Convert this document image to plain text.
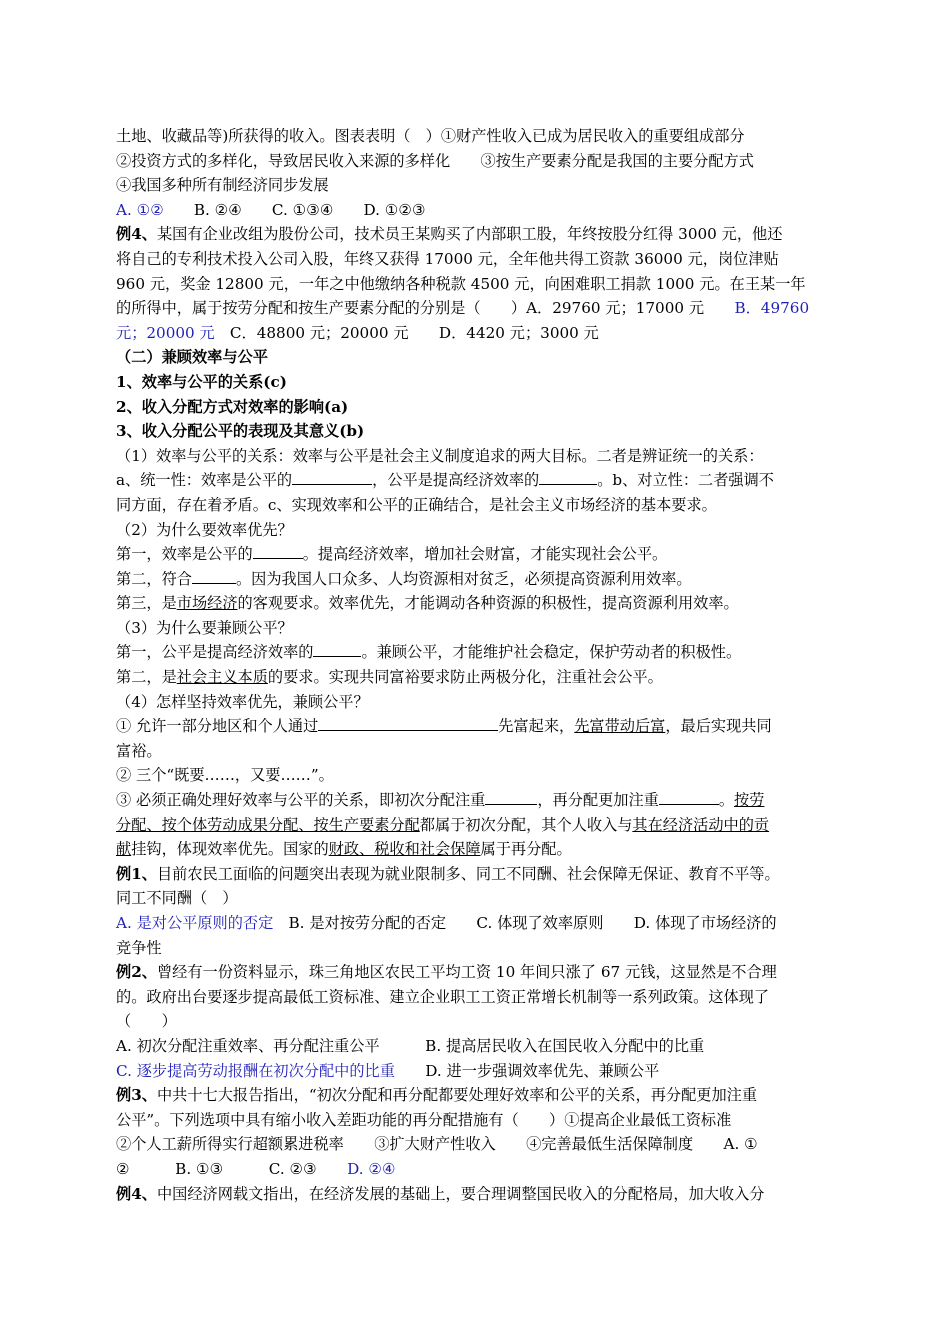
土地、收藏品等)所获得的收入。图表表明（　）①财产性收入已成为居民收入的重要组成部分
②投资方式的多样化，导致居民收入来源的多样化　　③按生产要素分配是我国的主要分配方式
④我国多种所有制经济同步发展
A. ①② B. ②④ C. ①③④ D. ①②③
例4、某国有企业改组为股份公司，技术员王某购买了内部职工股，年终按股分红得 3000 元，他还
将自己的专利技术投入公司入股，年终又获得 17000 元，全年他共得工资款 36000 元，岗位津贴
960 元，奖金 12800 元，一年之中他缴纳各种税款 4500 元，向困难职工捐款 1000 元。在王某一年
的所得中，属于按劳分配和按生产要素分配的分别是（　　）A．29760 元；17000 元　　B．49760
元；20000 元　C．48800 元；20000 元　　D．4420 元；3000 元
（二）兼顾效率与公平
1、效率与公平的关系(c)
2、收入分配方式对效率的影响(a)
3、收入分配公平的表现及其意义(b)
（1）效率与公平的关系：效率与公平是社会主义制度追求的两大目标。二者是辨证统一的关系：
a、统一性：效率是公平的	，公平是提高经济效率的	。b、对立性：二者强调不
同方面，存在着矛盾。c、实现效率和公平的正确结合，是社会主义市场经济的基本要求。
（2）为什么要效率优先？
第一，效率是公平的	。提高经济效率，增加社会财富，才能实现社会公平。
第二，符合	。因为我国人口众多、人均资源相对贫乏，必须提高资源利用效率。
第三，是市场经济的客观要求。效率优先，才能调动各种资源的积极性，提高资源利用效率。
（3）为什么要兼顾公平？
第一，公平是提高经济效率的	。兼顾公平，才能维护社会稳定，保护劳动者的积极性。
第二，是社会主义本质的要求。实现共同富裕要求防止两极分化，注重社会公平。
（4）怎样坚持效率优先，兼顾公平？
① 允许一部分地区和个人通过	先富起来，先富带动后富，最后实现共同
富裕。
② 三个“既要……，又要……”。
③ 必须正确处理好效率与公平的关系，即初次分配注重	，再分配更加注重	。按劳
分配、按个体劳动成果分配、按生产要素分配都属于初次分配，其个人收入与其在经济活动中的贡
献挂钩，体现效率优先。国家的财政、税收和社会保障属于再分配。
例1、目前农民工面临的问题突出表现为就业限制多、同工不同酬、社会保障无保证、教育不平等。
同工不同酬（　）
A. 是对公平原则的否定　B. 是对按劳分配的否定　　C. 体现了效率原则　　D. 体现了市场经济的
竞争性
例2、曾经有一份资料显示，珠三角地区农民工平均工资 10 年间只涨了 67 元钱，这显然是不合理
的。政府出台要逐步提高最低工资标准、建立企业职工工资正常增长机制等一系列政策。这体现了
（　　）
A. 初次分配注重效率、再分配注重公平　　　B. 提高居民收入在国民收入分配中的比重
C. 逐步提高劳动报酬在初次分配中的比重　　D. 进一步强调效率优先、兼顾公平
例3、中共十七大报告指出，“初次分配和再分配都要处理好效率和公平的关系，再分配更加注重
公平”。下列选项中具有缩小收入差距功能的再分配措施有（　　）①提高企业最低工资标准
②个人工薪所得实行超额累进税率　　③扩大财产性收入　　④完善最低生活保障制度　　A. ①
②　　　B. ①③　　　C. ②③　　D. ②④
例4、中国经济网载文指出，在经济发展的基础上，要合理调整国民收入的分配格局，加大收入分
